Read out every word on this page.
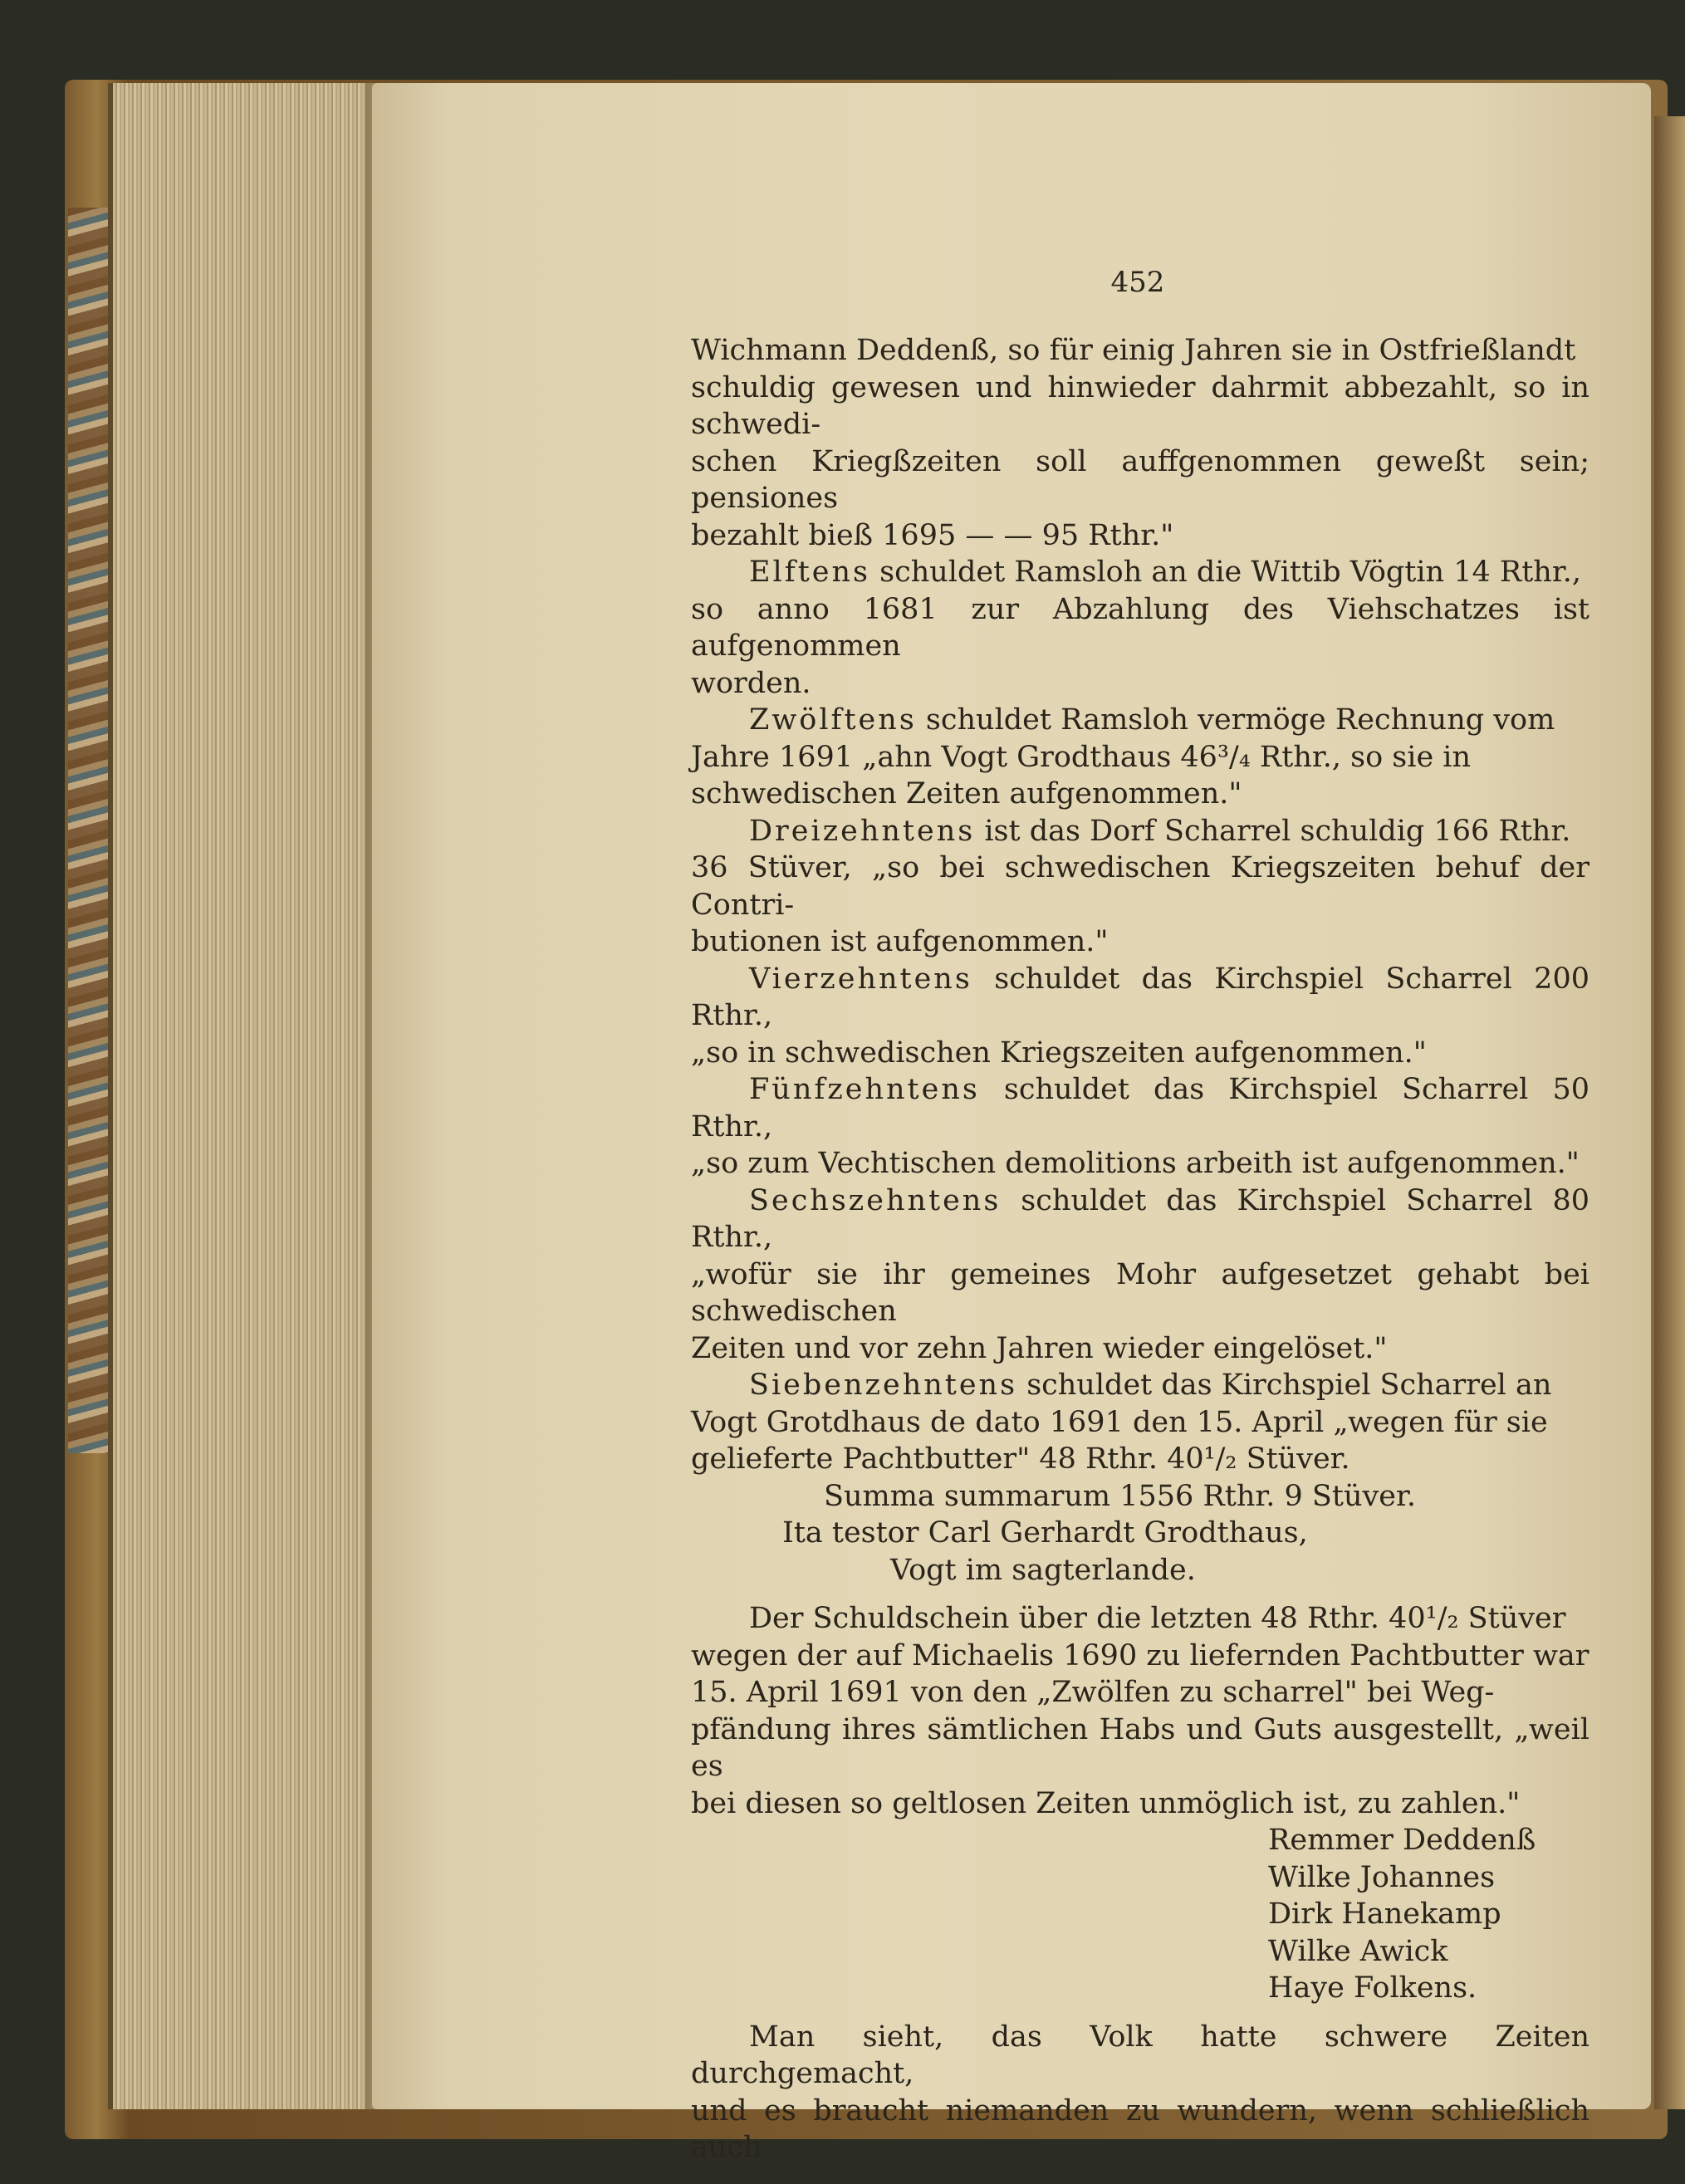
452

Wichmann Deddenß, so für einig Jahren sie in Ostfrießlandt

schuldig gewesen und hinwieder dahrmit abbezahlt, so in schwedi-

schen Kriegßzeiten soll auffgenommen geweßt sein; pensiones

bezahlt bieß 1695 — — 95 Rthr."

Elftens schuldet Ramsloh an die Wittib Vögtin 14 Rthr.,

so anno 1681 zur Abzahlung des Viehschatzes ist aufgenommen

worden.

Zwölftens schuldet Ramsloh vermöge Rechnung vom

Jahre 1691 „ahn Vogt Grodthaus 46³/₄ Rthr., so sie in

schwedischen Zeiten aufgenommen."

Dreizehntens ist das Dorf Scharrel schuldig 166 Rthr.

36 Stüver, „so bei schwedischen Kriegszeiten behuf der Contri-

butionen ist aufgenommen."

Vierzehntens schuldet das Kirchspiel Scharrel 200 Rthr.,

„so in schwedischen Kriegszeiten aufgenommen."

Fünfzehntens schuldet das Kirchspiel Scharrel 50 Rthr.,

„so zum Vechtischen demolitions arbeith ist aufgenommen."

Sechszehntens schuldet das Kirchspiel Scharrel 80 Rthr.,

„wofür sie ihr gemeines Mohr aufgesetzet gehabt bei schwedischen

Zeiten und vor zehn Jahren wieder eingelöset."

Siebenzehntens schuldet das Kirchspiel Scharrel an

Vogt Grotdhaus de dato 1691 den 15. April „wegen für sie

gelieferte Pachtbutter" 48 Rthr. 40¹/₂ Stüver.

Summa summarum 1556 Rthr. 9 Stüver.

Ita testor Carl Gerhardt Grodthaus,

Vogt im sagterlande.

Der Schuldschein über die letzten 48 Rthr. 40¹/₂ Stüver

wegen der auf Michaelis 1690 zu liefernden Pachtbutter war

15. April 1691 von den „Zwölfen zu scharrel" bei Weg-

pfändung ihres sämtlichen Habs und Guts ausgestellt, „weil es

bei diesen so geltlosen Zeiten unmöglich ist, zu zahlen."

Remmer Deddenß

Wilke Johannes

Dirk Hanekamp

Wilke Awick

Haye Folkens.

Man sieht, das Volk hatte schwere Zeiten durchgemacht,

und es braucht niemanden zu wundern, wenn schließlich auch
